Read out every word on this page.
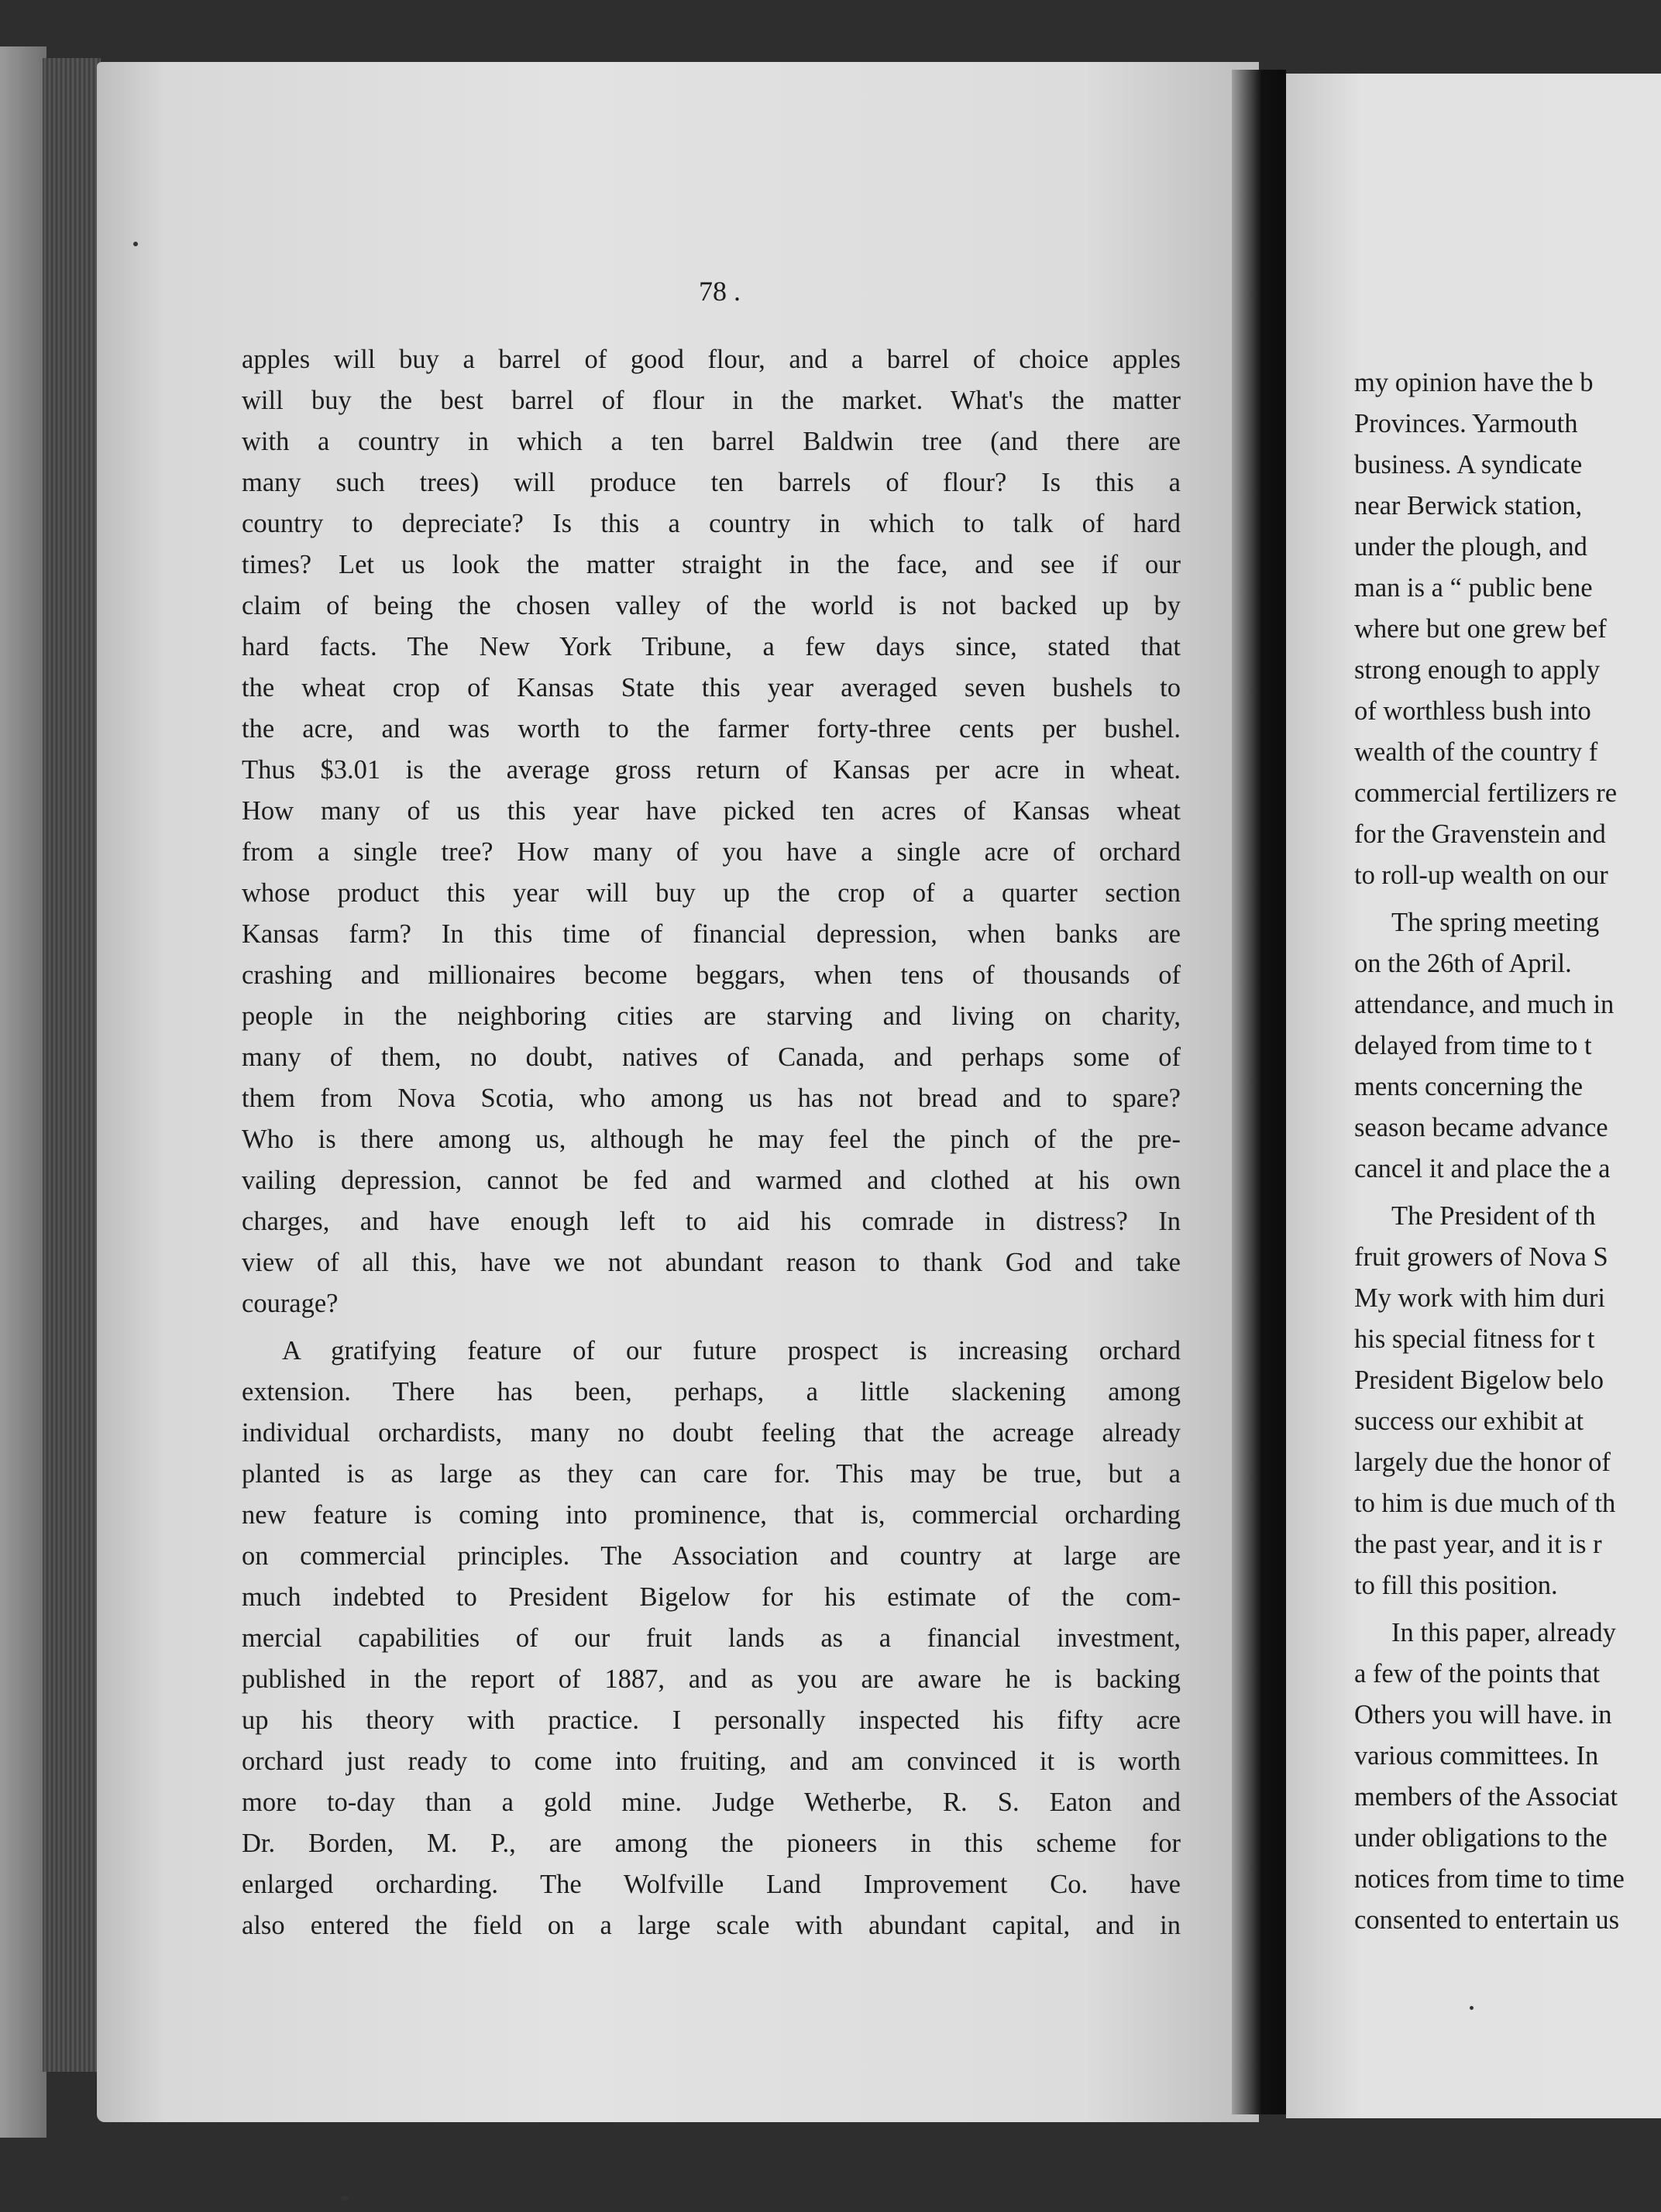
78 .

apples will buy a barrel of good flour, and a barrel of choice apples
will buy the best barrel of flour in the market. What's the matter
with a country in which a ten barrel Baldwin tree (and there are
many such trees) will produce ten barrels of flour? Is this a
country to depreciate? Is this a country in which to talk of hard
times? Let us look the matter straight in the face, and see if our
claim of being the chosen valley of the world is not backed up by
hard facts. The New York Tribune, a few days since, stated that
the wheat crop of Kansas State this year averaged seven bushels to
the acre, and was worth to the farmer forty-three cents per bushel.
Thus $3.01 is the average gross return of Kansas per acre in wheat.
How many of us this year have picked ten acres of Kansas wheat
from a single tree? How many of you have a single acre of orchard
whose product this year will buy up the crop of a quarter section
Kansas farm? In this time of financial depression, when banks are
crashing and millionaires become beggars, when tens of thousands of
people in the neighboring cities are starving and living on charity,
many of them, no doubt, natives of Canada, and perhaps some of
them from Nova Scotia, who among us has not bread and to spare?
Who is there among us, although he may feel the pinch of the pre-
vailing depression, cannot be fed and warmed and clothed at his own
charges, and have enough left to aid his comrade in distress? In
view of all this, have we not abundant reason to thank God and take
courage?
A gratifying feature of our future prospect is increasing orchard
extension. There has been, perhaps, a little slackening among
individual orchardists, many no doubt feeling that the acreage already
planted is as large as they can care for. This may be true, but a
new feature is coming into prominence, that is, commercial orcharding
on commercial principles. The Association and country at large are
much indebted to President Bigelow for his estimate of the com-
mercial capabilities of our fruit lands as a financial investment,
published in the report of 1887, and as you are aware he is backing
up his theory with practice. I personally inspected his fifty acre
orchard just ready to come into fruiting, and am convinced it is worth
more to-day than a gold mine. Judge Wetherbe, R. S. Eaton and
Dr. Borden, M. P., are among the pioneers in this scheme for
enlarged orcharding. The Wolfville Land Improvement Co. have
also entered the field on a large scale with abundant capital, and in
my opinion have the b
Provinces. Yarmouth
business. A syndicate
near Berwick station,
under the plough, and
man is a “ public bene
where but one grew bef
strong enough to apply
of worthless bush into
wealth of the country f
commercial fertilizers re
for the Gravenstein and
to roll-up wealth on our
The spring meeting
on the 26th of April.
attendance, and much in
delayed from time to t
ments concerning the
season became advance
cancel it and place the a
The President of th
fruit growers of Nova S
My work with him duri
his special fitness for t
President Bigelow belo
success our exhibit at
largely due the honor of
to him is due much of th
the past year, and it is r
to fill this position.
In this paper, already
a few of the points that
Others you will have. in
various committees. In
members of the Associat
under obligations to the
notices from time to time
consented to entertain us
